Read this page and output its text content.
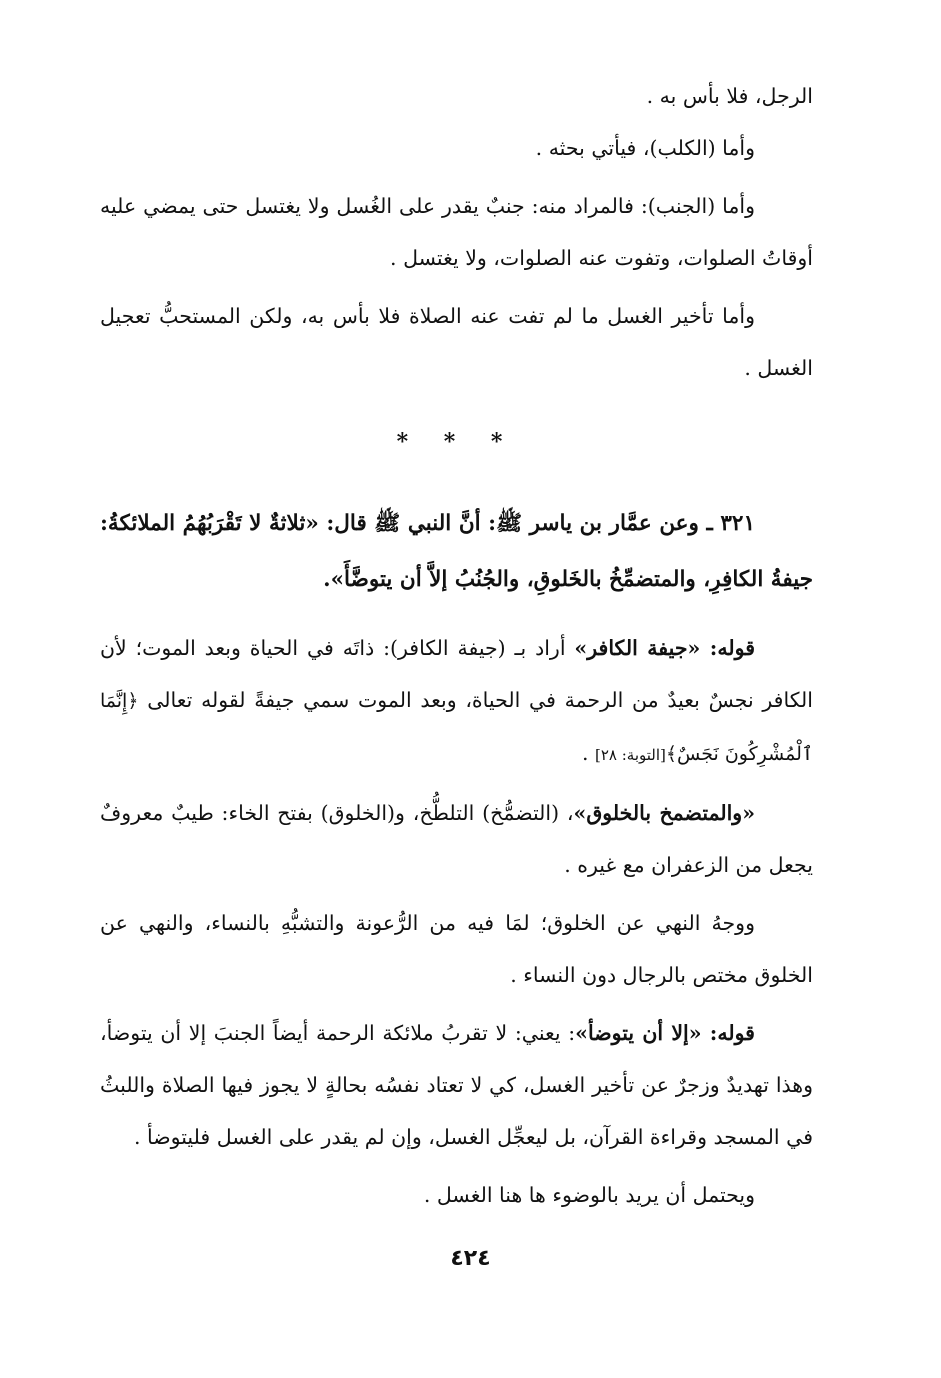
الرجل، فلا بأس به .

وأما (الكلب)، فيأتي بحثه .

وأما (الجنب): فالمراد منه: جنبٌ يقدر على الغُسل ولا يغتسل حتى يمضي عليه أوقاتُ الصلوات، وتفوت عنه الصلوات، ولا يغتسل .

وأما تأخير الغسل ما لم تفت عنه الصلاة فلا بأس به، ولكن المستحبُّ تعجيل الغسل .

* * *

٣٢١ ـ وعن عمَّار بن ياسر ﷺ: أنَّ النبي ﷺ قال: «ثلاثةٌ لا تَقْرَبُهُمُ الملائكةُ: جيفةُ الكافِرِ، والمتضمِّخُ بالخَلوقِ، والجُنُبُ إلاَّ أن يتوضَّأَ».

قوله: «جيفة الكافر» أراد بـ (جيفة الكافر): ذاتَه في الحياة وبعد الموت؛ لأن الكافر نجسٌ بعيدٌ من الرحمة في الحياة، وبعد الموت سمي جيفةً لقوله تعالى ﴿إِنَّمَا ٱلْمُشْرِكُونَ نَجَسٌ﴾[التوبة: ٢٨] .

«والمتضمخ بالخلوق»، (التضمُّخ) التلطُّخ، و(الخلوق) بفتح الخاء: طيبٌ معروفٌ يجعل من الزعفران مع غيره .

ووجهُ النهي عن الخلوق؛ لمَا فيه من الرُّعونة والتشبُّهِ بالنساء، والنهي عن الخلوق مختص بالرجال دون النساء .

قوله: «إلا أن يتوضأ»: يعني: لا تقربُ ملائكة الرحمة أيضاً الجنبَ إلا أن يتوضأ، وهذا تهديدٌ وزجرٌ عن تأخير الغسل، كي لا تعتاد نفسُه بحالةٍ لا يجوز فيها الصلاة واللبثُ في المسجد وقراءة القرآن، بل ليعجِّل الغسل، وإن لم يقدر على الغسل فليتوضأ .

ويحتمل أن يريد بالوضوء ها هنا الغسل .

٤٢٤
